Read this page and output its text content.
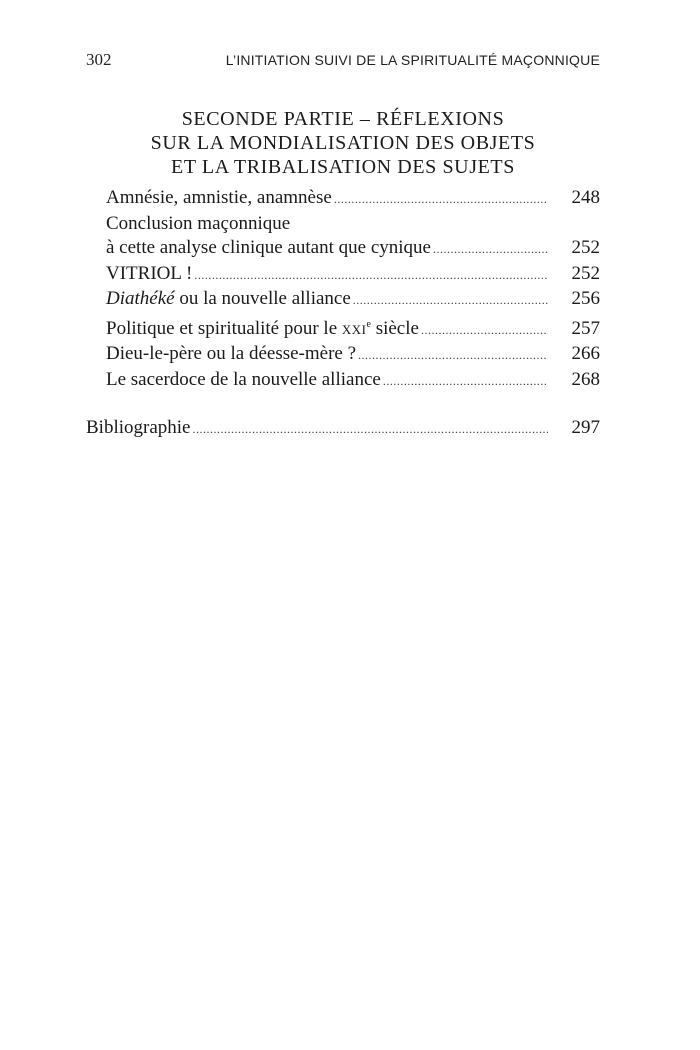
302	L’INITIATION SUIVI DE LA SPIRITUALITÉ MAÇONNIQUE
SECONDE PARTIE – RÉFLEXIONS
SUR LA MONDIALISATION DES OBJETS
ET LA TRIBALISATION DES SUJETS
Amnésie, amnistie, anamnèse .....	248
Conclusion maçonnique
à cette analyse clinique autant que cynique .....	252
VITRIOL ! .....	252
Diathéké ou la nouvelle alliance .....	256
Politique et spiritualité pour le xxi$^e$ siècle .....	257
Dieu-le-père ou la déesse-mère ? .....	266
Le sacerdoce de la nouvelle alliance .....	268
Bibliographie .....	297
